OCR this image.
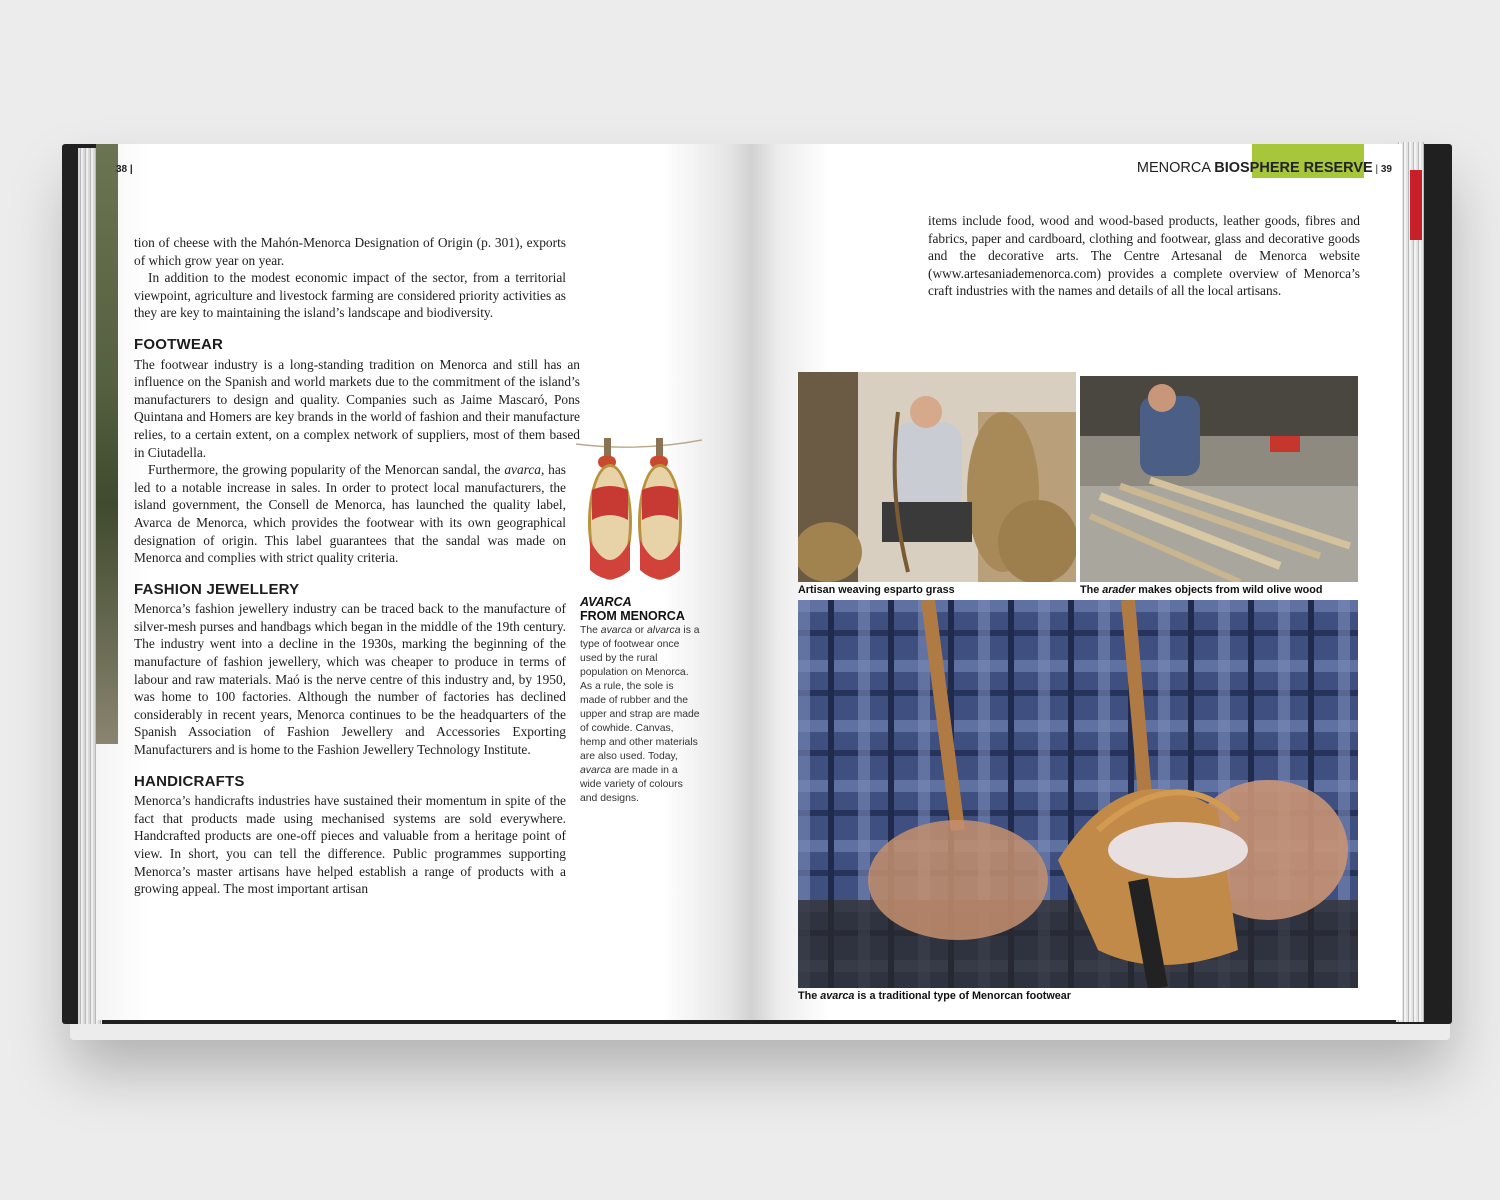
38 |

tion of cheese with the Mahón-Menorca Designation of Origin (p. 301), exports of which grow year on year.

In addition to the modest economic impact of the sector, from a territorial viewpoint, agriculture and livestock farming are considered priority activities as they are key to maintaining the island’s landscape and biodiversity.

FOOTWEAR

The footwear industry is a long-standing tradition on Menorca and still has an influence on the Spanish and world markets due to the commitment of the island’s manufacturers to design and quality. Companies such as Jaime Mascaró, Pons Quintana and Homers are key brands in the world of fashion and their manufacture relies, to a certain extent, on a complex network of suppliers, most of them based in Ciutadella.

Furthermore, the growing popularity of the Menorcan sandal, the avarca, has led to a notable increase in sales. In order to protect local manufacturers, the island government, the Consell de Menorca, has launched the quality label, Avarca de Menorca, which provides the footwear with its own geographical designation of origin. This label guarantees that the sandal was made on Menorca and complies with strict quality criteria.

FASHION JEWELLERY

Menorca’s fashion jewellery industry can be traced back to the manufacture of silver-mesh purses and handbags which began in the middle of the 19th century. The industry went into a decline in the 1930s, marking the beginning of the manufacture of fashion jewellery, which was cheaper to produce in terms of labour and raw materials. Maó is the nerve centre of this industry and, by 1950, was home to 100 factories. Although the number of factories has declined considerably in recent years, Menorca continues to be the headquarters of the Spanish Association of Fashion Jewellery and Accessories Exporting Manufacturers and is home to the Fashion Jewellery Technology Institute.

HANDICRAFTS

Menorca’s handicrafts industries have sustained their momentum in spite of the fact that products made using mechanised systems are sold everywhere. Handcrafted products are one-off pieces and valuable from a heritage point of view. In short, you can tell the difference. Public programmes supporting Menorca’s master artisans have helped establish a range of products with a growing appeal. The most important artisan

AVARCA
FROM MENORCA
The avarca or alvarca is a type of footwear once used by the rural population on Menorca. As a rule, the sole is made of rubber and the upper and strap are made of cowhide. Canvas, hemp and other materials are also used. Today, avarca are made in a wide variety of colours and designs.
MENORCA BIOSPHERE RESERVE | 39

items include food, wood and wood-based products, leather goods, fibres and fabrics, paper and cardboard, clothing and footwear, glass and decorative goods and the decorative arts. The Centre Artesanal de Menorca website (www.artesaniademenorca.com) provides a complete overview of Menorca’s craft industries with the names and details of all the local artisans.

Artisan weaving esparto grass	The arader makes objects from wild olive wood
The avarca is a traditional type of Menorcan footwear
